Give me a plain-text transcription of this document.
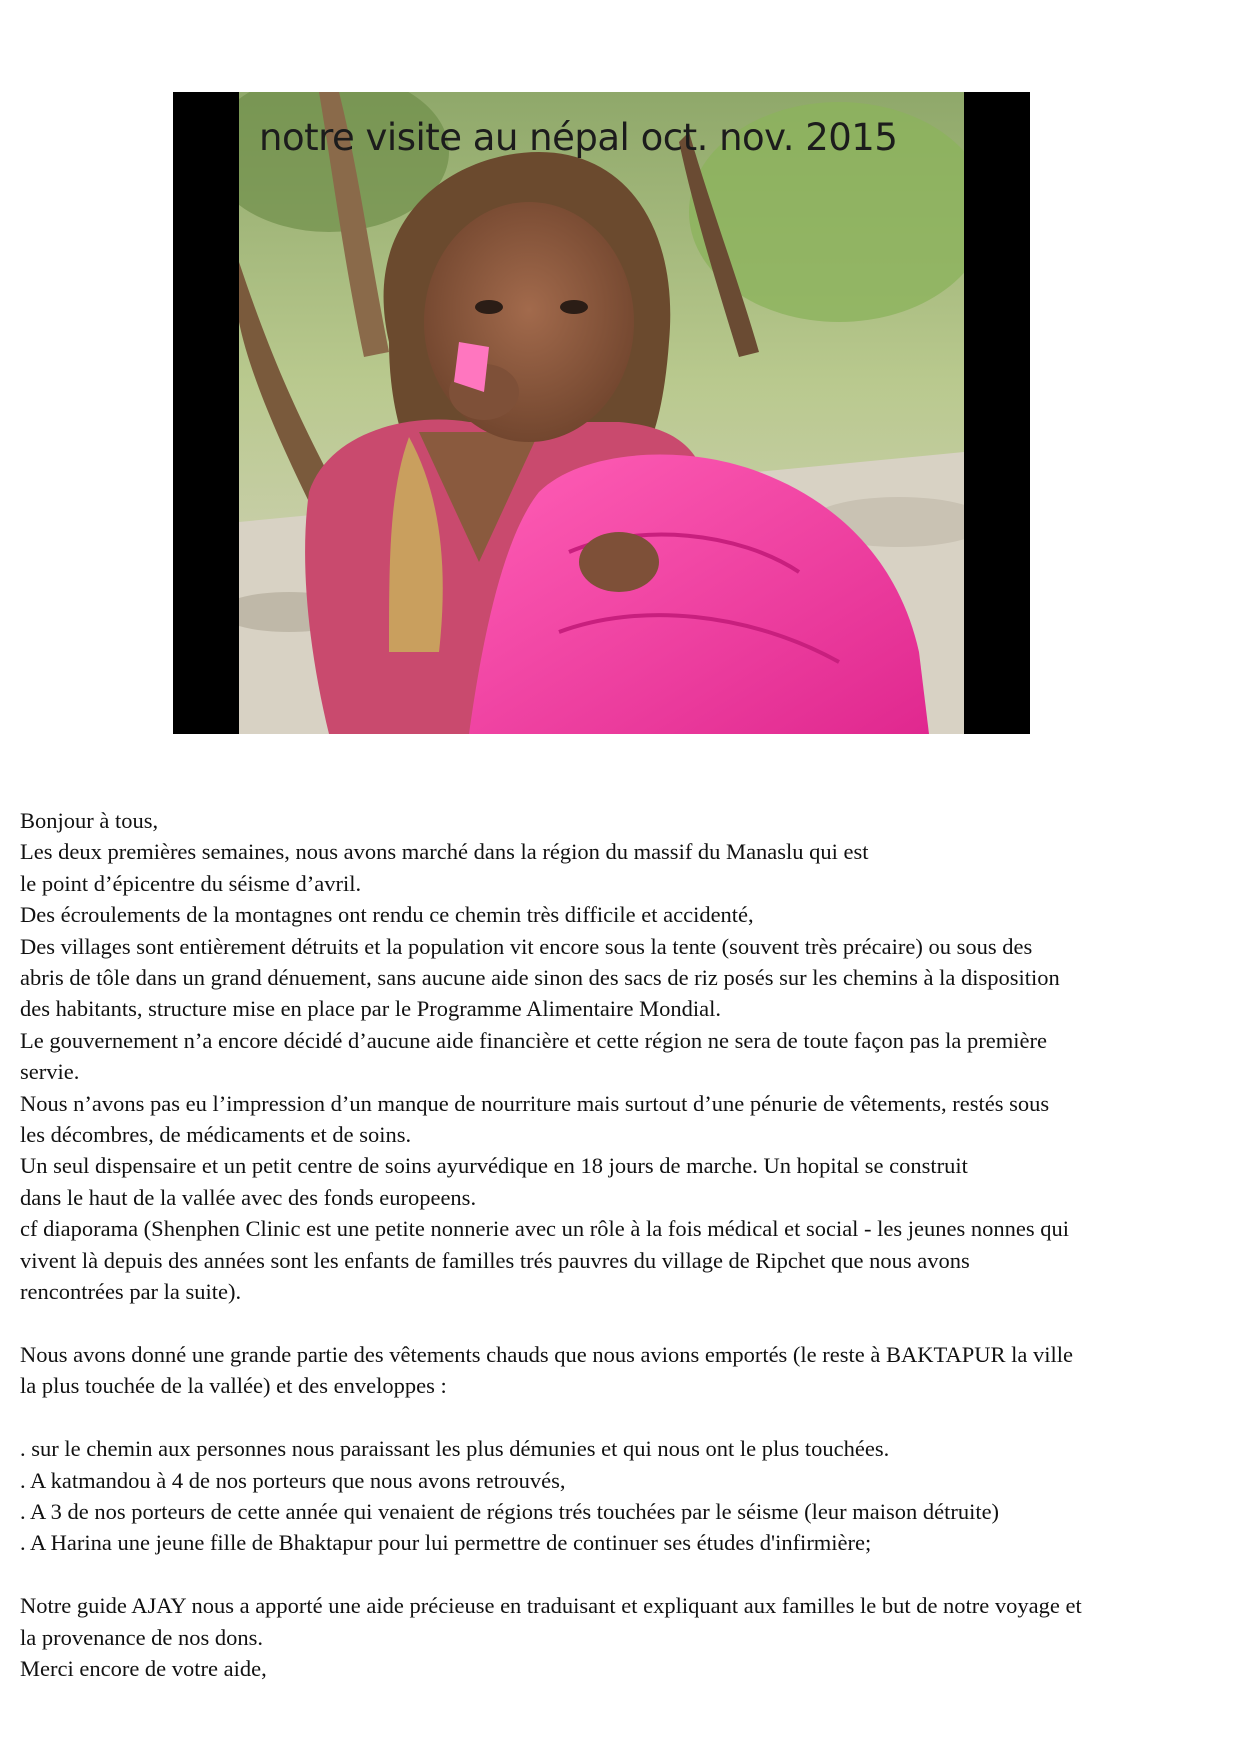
notre visite au népal oct. nov. 2015

Bonjour à tous,

Les deux premières semaines, nous avons marché dans la région du massif du Manaslu qui est

le point d’épicentre du séisme d’avril.

Des écroulements de la montagnes ont rendu ce chemin très difficile et accidenté,

Des villages sont entièrement détruits et la population vit encore sous la tente (souvent très précaire) ou sous des

abris de tôle dans un grand dénuement, sans aucune aide sinon des sacs de riz posés sur les chemins à la disposition

des habitants, structure mise en place par le Programme Alimentaire Mondial.

Le gouvernement n’a encore décidé d’aucune aide financière et cette région ne sera de toute façon pas la première

servie.

Nous n’avons pas eu l’impression d’un manque de nourriture mais surtout d’une pénurie de vêtements, restés sous

les décombres, de médicaments et de soins.

Un seul dispensaire et un petit centre de soins ayurvédique en 18 jours de marche. Un hopital se construit

dans le haut de la vallée avec des fonds europeens.

cf diaporama (Shenphen Clinic est une petite nonnerie avec un rôle à la fois médical et social - les jeunes nonnes qui

vivent là depuis des années sont les enfants de familles trés pauvres du village de Ripchet que nous avons

rencontrées par la suite).

Nous avons donné une grande partie des vêtements chauds que nous avions emportés (le reste à BAKTAPUR la ville

la plus touchée de la vallée) et des enveloppes :

. sur le chemin aux personnes nous paraissant les plus démunies et qui nous ont le plus touchées.

. A katmandou à 4 de nos porteurs que nous avons retrouvés,

. A 3 de nos porteurs de cette année qui venaient de régions trés touchées par le séisme (leur maison détruite)

. A Harina une jeune fille de Bhaktapur pour lui permettre de continuer ses études d'infirmière;

Notre guide AJAY nous a apporté une aide précieuse en traduisant et expliquant aux familles le but de notre voyage et

la provenance de nos dons.

Merci encore de votre aide,
